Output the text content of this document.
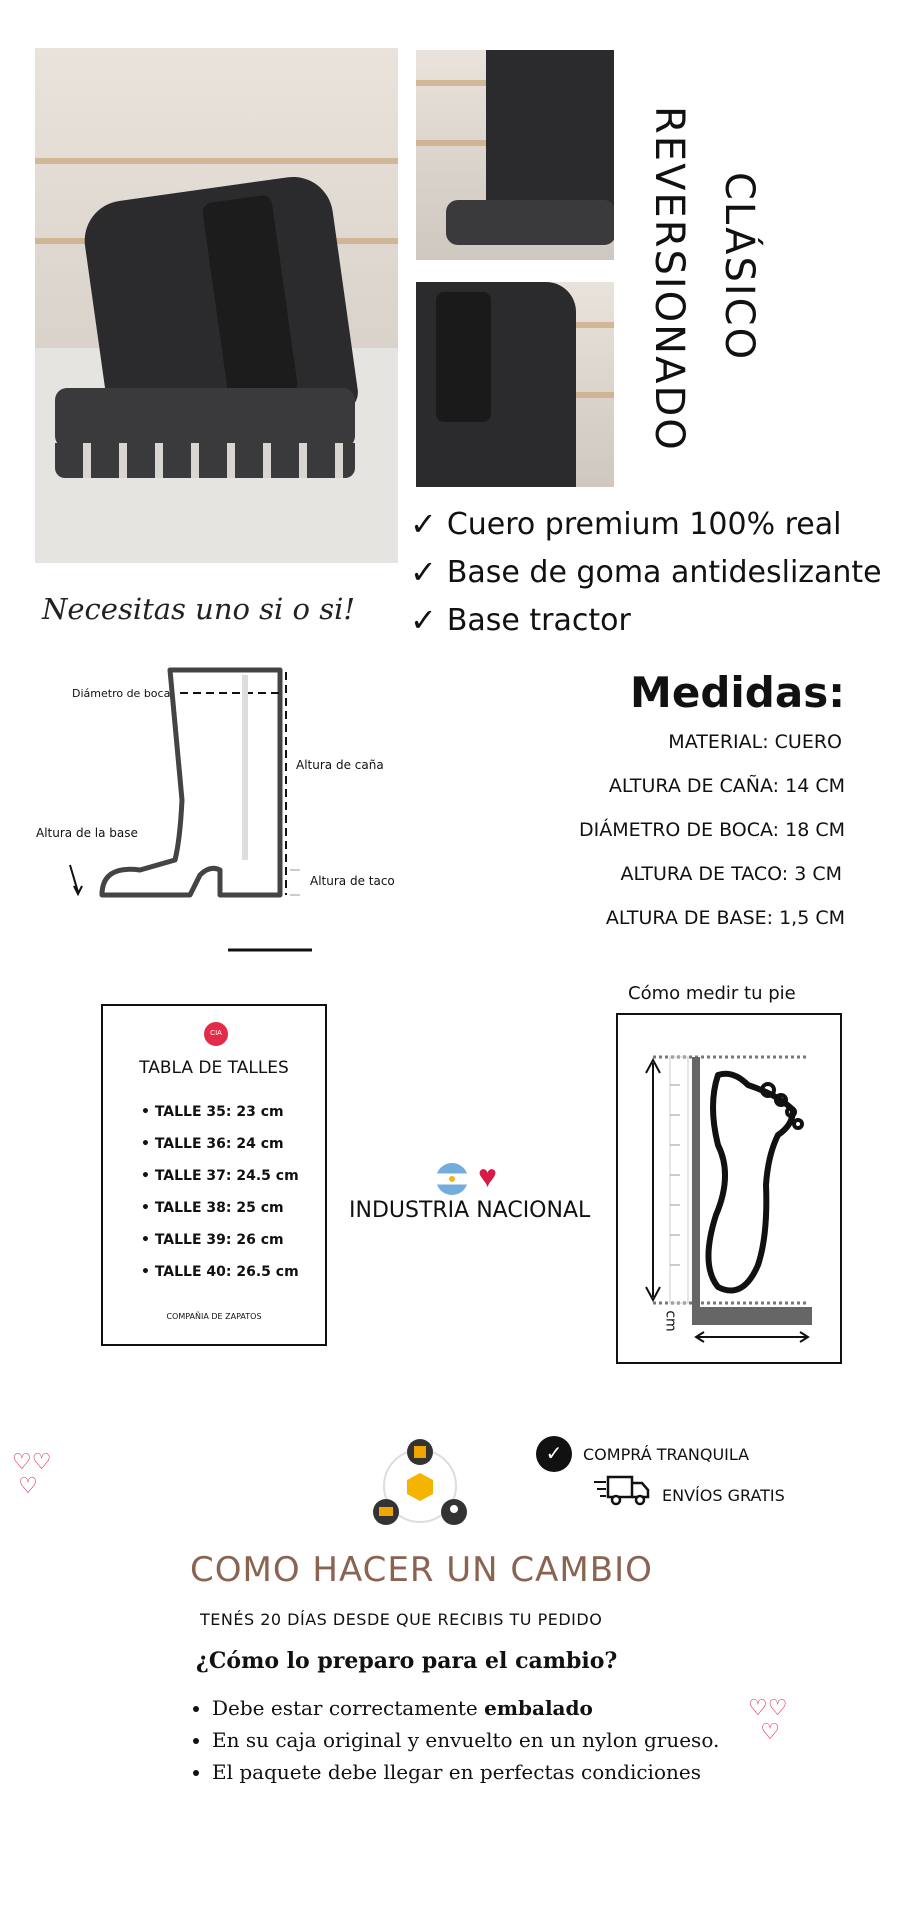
CLÁSICO
REVERSIONADO
✓ Cuero premium 100% real
✓ Base de goma antideslizante
✓ Base tractor
Necesitas uno si o si!
Diámetro de boca
Altura de caña
Altura de la base
Altura de taco
Medidas:
MATERIAL: CUERO
ALTURA DE CAÑA: 14 CM
DIÁMETRO DE BOCA: 18 CM
ALTURA DE TACO: 3 CM
ALTURA DE BASE: 1,5 CM
CIA
TABLA DE TALLES
• TALLE 35: 23 cm
• TALLE 36: 24 cm
• TALLE 37: 24.5 cm
• TALLE 38: 25 cm
• TALLE 39: 26 cm
• TALLE 40: 26.5 cm
COMPAÑIA DE ZAPATOS
♥
INDUSTRIA NACIONAL
Cómo medir tu pie
cm
♡♡
♡
♡♡
♡
✓	COMPRÁ TRANQUILA
ENVÍOS GRATIS
COMO HACER UN CAMBIO
TENÉS 20 DÍAS DESDE QUE RECIBIS TU PEDIDO
¿Cómo lo preparo para el cambio?
• Debe estar correctamente embalado
• En su caja original y envuelto en un nylon grueso.
• El paquete debe llegar en perfectas condiciones
